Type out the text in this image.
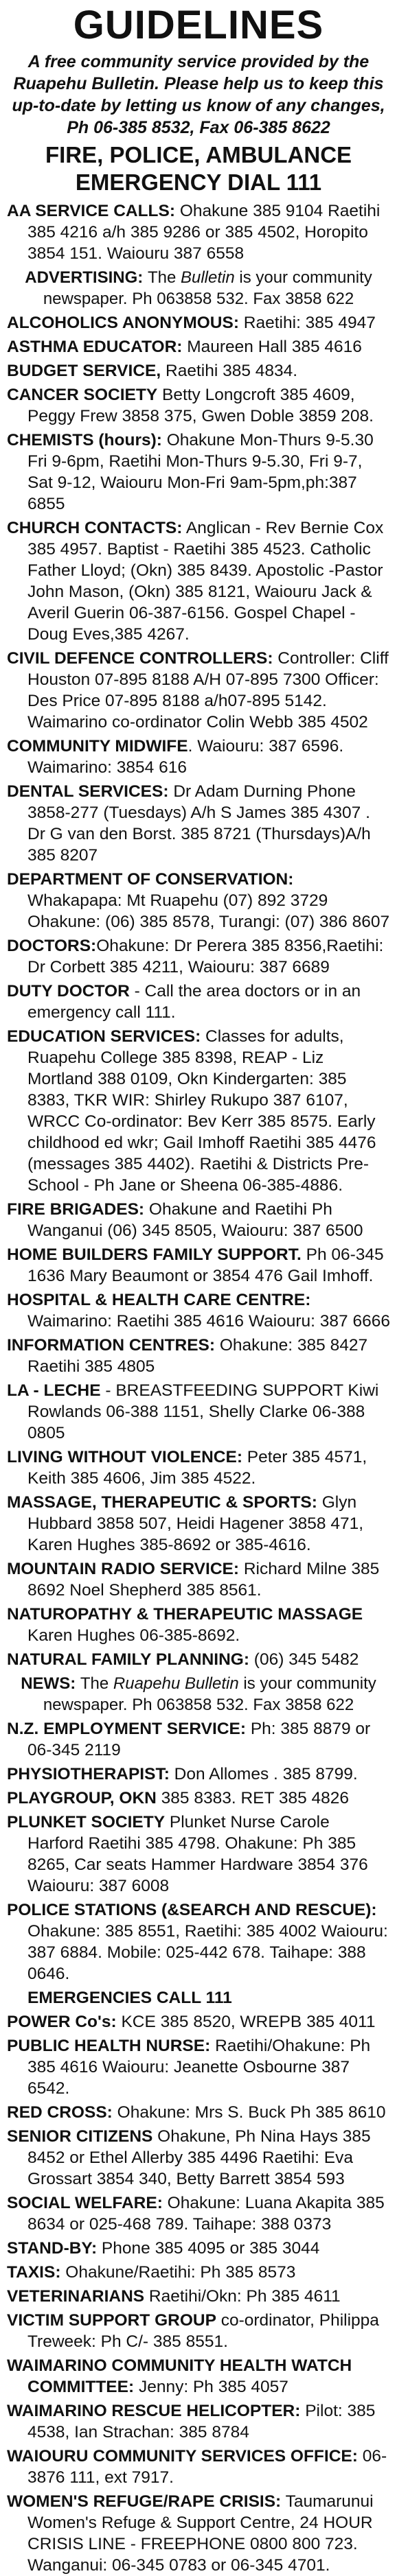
GUIDELINES
A free community service provided by the Ruapehu Bulletin. Please help us to keep this up-to-date by letting us know of any changes, Ph 06-385 8532, Fax 06-385 8622
FIRE, POLICE, AMBULANCE
EMERGENCY DIAL 111
AA SERVICE CALLS: Ohakune 385 9104 Raetihi 385 4216 a/h 385 9286 or 385 4502, Horopito 3854 151. Waiouru 387 6558
ADVERTISING: The Bulletin is your community newspaper. Ph 063858 532. Fax 3858 622
ALCOHOLICS ANONYMOUS: Raetihi: 385 4947
ASTHMA EDUCATOR: Maureen Hall 385 4616
BUDGET SERVICE, Raetihi 385 4834.
CANCER SOCIETY Betty Longcroft 385 4609, Peggy Frew 3858 375, Gwen Doble 3859 208.
CHEMISTS (hours): Ohakune Mon-Thurs 9-5.30 Fri 9-6pm, Raetihi Mon-Thurs 9-5.30, Fri 9-7, Sat 9-12, Waiouru Mon-Fri 9am-5pm,ph:387 6855
CHURCH CONTACTS: Anglican - Rev Bernie Cox 385 4957. Baptist - Raetihi 385 4523. Catholic Father Lloyd; (Okn) 385 8439. Apostolic -Pastor John Mason, (Okn) 385 8121, Waiouru Jack & Averil Guerin 06-387-6156. Gospel Chapel - Doug Eves,385 4267.
CIVIL DEFENCE CONTROLLERS: Controller: Cliff Houston 07-895 8188 A/H 07-895 7300 Officer: Des Price 07-895 8188 a/h07-895 5142. Waimarino co-ordinator Colin Webb 385 4502
COMMUNITY MIDWIFE. Waiouru: 387 6596. Waimarino: 3854 616
DENTAL SERVICES: Dr Adam Durning Phone 3858-277 (Tuesdays) A/h S James 385 4307 . Dr G van den Borst. 385 8721 (Thursdays)A/h 385 8207
DEPARTMENT OF CONSERVATION: Whakapapa: Mt Ruapehu (07) 892 3729 Ohakune: (06) 385 8578, Turangi: (07) 386 8607
DOCTORS:Ohakune: Dr Perera 385 8356,Raetihi: Dr Corbett 385 4211, Waiouru: 387 6689
DUTY DOCTOR - Call the area doctors or in an emergency call 111.
EDUCATION SERVICES: Classes for adults, Ruapehu College 385 8398, REAP - Liz Mortland 388 0109, Okn Kindergarten: 385 8383, TKR WIR: Shirley Rukupo 387 6107, WRCC Co-ordinator: Bev Kerr 385 8575. Early childhood ed wkr; Gail Imhoff Raetihi 385 4476 (messages 385 4402). Raetihi & Districts Pre-School - Ph Jane or Sheena 06-385-4886.
FIRE BRIGADES: Ohakune and Raetihi Ph Wanganui (06) 345 8505, Waiouru: 387 6500
HOME BUILDERS FAMILY SUPPORT. Ph 06-345 1636 Mary Beaumont or 3854 476 Gail Imhoff.
HOSPITAL & HEALTH CARE CENTRE: Waimarino: Raetihi 385 4616 Waiouru: 387 6666
INFORMATION CENTRES: Ohakune: 385 8427 Raetihi 385 4805
LA - LECHE - BREASTFEEDING SUPPORT Kiwi Rowlands 06-388 1151, Shelly Clarke 06-388 0805
LIVING WITHOUT VIOLENCE: Peter 385 4571, Keith 385 4606, Jim 385 4522.
MASSAGE, THERAPEUTIC & SPORTS: Glyn Hubbard 3858 507, Heidi Hagener 3858 471, Karen Hughes 385-8692 or 385-4616.
MOUNTAIN RADIO SERVICE: Richard Milne 385 8692 Noel Shepherd 385 8561.
NATUROPATHY & THERAPEUTIC MASSAGE Karen Hughes 06-385-8692.
NATURAL FAMILY PLANNING: (06) 345 5482
NEWS: The Ruapehu Bulletin is your community newspaper. Ph 063858 532. Fax 3858 622
N.Z. EMPLOYMENT SERVICE: Ph: 385 8879 or 06-345 2119
PHYSIOTHERAPIST: Don Allomes . 385 8799.
PLAYGROUP, OKN 385 8383. RET 385 4826
PLUNKET SOCIETY Plunket Nurse Carole Harford Raetihi 385 4798. Ohakune: Ph 385 8265, Car seats Hammer Hardware 3854 376 Waiouru: 387 6008
POLICE STATIONS (&SEARCH AND RESCUE): Ohakune: 385 8551, Raetihi: 385 4002 Waiouru: 387 6884. Mobile: 025-442 678. Taihape: 388 0646.
EMERGENCIES CALL 111
POWER Co's: KCE 385 8520, WREPB 385 4011
PUBLIC HEALTH NURSE: Raetihi/Ohakune: Ph 385 4616 Waiouru: Jeanette Osbourne 387 6542.
RED CROSS: Ohakune: Mrs S. Buck Ph 385 8610
SENIOR CITIZENS Ohakune, Ph Nina Hays 385 8452 or Ethel Allerby 385 4496 Raetihi: Eva Grossart 3854 340, Betty Barrett 3854 593
SOCIAL WELFARE: Ohakune: Luana Akapita 385 8634 or 025-468 789. Taihape: 388 0373
STAND-BY: Phone 385 4095 or 385 3044
TAXIS: Ohakune/Raetihi: Ph 385 8573
VETERINARIANS Raetihi/Okn: Ph 385 4611
VICTIM SUPPORT GROUP co-ordinator, Philippa Treweek: Ph C/- 385 8551.
WAIMARINO COMMUNITY HEALTH WATCH COMMITTEE: Jenny: Ph 385 4057
WAIMARINO RESCUE HELICOPTER: Pilot: 385 4538, Ian Strachan: 385 8784
WAIOURU COMMUNITY SERVICES OFFICE: 06-3876 111, ext 7917.
WOMEN'S REFUGE/RAPE CRISIS: Taumarunui Women's Refuge & Support Centre, 24 HOUR CRISIS LINE - FREEPHONE 0800 800 723. Wanganui: 06-345 0783 or 06-345 4701.
